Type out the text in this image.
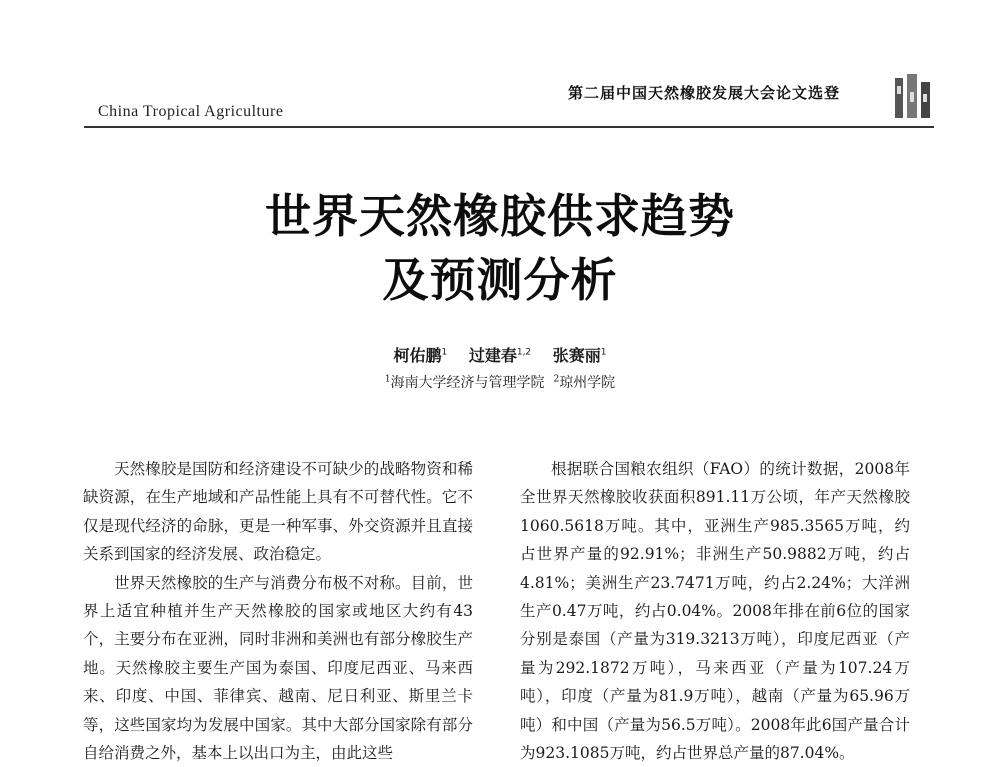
China Tropical Agriculture
第二届中国天然橡胶发展大会论文选登
世界天然橡胶供求趋势
及预测分析
柯佑鹏$^1$ 过建春$^{1,2}$ 张赛丽$^1$
$^1$海南大学经济与管理学院 $^2$琼州学院

天然橡胶是国防和经济建设不可缺少的战略物资和稀缺资源，在生产地域和产品性能上具有不可替代性。它不仅是现代经济的命脉，更是一种军事、外交资源并且直接关系到国家的经济发展、政治稳定。

世界天然橡胶的生产与消费分布极不对称。目前，世界上适宜种植并生产天然橡胶的国家或地区大约有43个，主要分布在亚洲，同时非洲和美洲也有部分橡胶生产地。天然橡胶主要生产国为泰国、印度尼西亚、马来西来、印度、中国、菲律宾、越南、尼日利亚、斯里兰卡等，这些国家均为发展中国家。其中大部分国家除有部分自给消费之外，基本上以出口为主，由此这些

根据联合国粮农组织（FAO）的统计数据，2008年全世界天然橡胶收获面积891.11万公顷，年产天然橡胶1060.5618万吨。其中，亚洲生产985.3565万吨，约占世界产量的92.91%；非洲生产50.9882万吨，约占4.81%；美洲生产23.7471万吨，约占2.24%；大洋洲生产0.47万吨，约占0.04%。2008年排在前6位的国家分别是泰国（产量为319.3213万吨），印度尼西亚（产量为292.1872万吨），马来西亚（产量为107.24万吨），印度（产量为81.9万吨），越南（产量为65.96万吨）和中国（产量为56.5万吨）。2008年此6国产量合计为923.1085万吨，约占世界总产量的87.04%。
